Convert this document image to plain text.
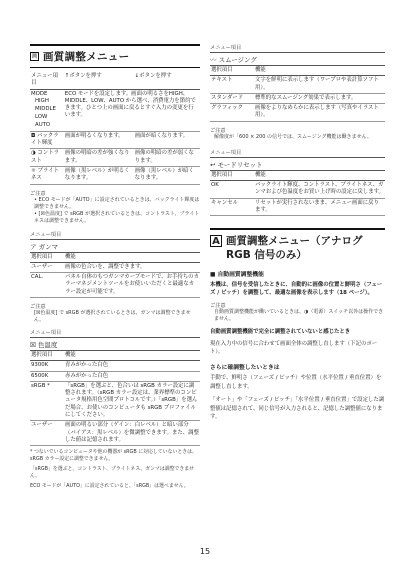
画 画質調整メニュー
メニュー項目	↑ボタンを押す	↓ボタンを押す

MODE
HIGH
MIDDLE
LOW
AUTO	ECO モードを設定します。画面の明るさをHIGH、MIDDLE、LOW、AUTO から選べ、消費電力を節約できます。ひとつ上の画面に戻るとすぐ入力の変更を行います。	
◘ バックライト輝度	画面が明るくなります。	画面が暗くなります。
◑ コントラスト	画像の明暗の差が強くなります。	画像の明暗の差が弱くなります。
☼ ブライトネス	画像（黒レベル）が明るくなります。	画像（黒レベル）が暗くなります。
ご注意
• ECO モードが「AUTO」に設定されているときは、バックライト輝度は調整できません。
• [☒色温度] で sRGB が選択されているときは、コントラスト、ブライトネスは調整できません。
メニュー項目
ア ガンマ
選択項目	機能
ユーザー	画像の色合いを、調整できます。
CAL.	パネル自体のもつガンマカーブモードで、お手持ちのカラーマネジメントツールをお使いいただくと最適なカラー設定が可能です。
ご注意
[☒色温度] で sRGB が選択されているときは、ガンマは調整できません。
メニュー項目
☒ 色温度
選択項目	機能
9300K	青みがかった白色
6500K	赤みがかった白色
sRGB *	「sRGB」を選ぶと、色合いは sRGB カラー設定に調整されます。（sRGB カラー設定は、業界標準のコンピュータ規格用色空間プロトコルです。）「sRGB」を選んだ場合、お使いのコンピュータも sRGB プロファイルにしてください。
ユーザー	画面の明るい部分（ゲイン：白レベル）と暗い部分（バイアス：黒レベル）を微調整できます。また、調整した値は記憶されます。
* つないでいるコンピュータや他の機器が sRGB に対応していないときは、sRGB カラー設定に調整できません。
「sRGB」を選ぶと、コントラスト、ブライトネス、ガンマは調整できません。
ECO モードが「AUTO」に設定されていると、「sRGB」は選べません。
メニュー項目
〰 スムージング
選択項目	機能
テキスト	文字を鮮明に表示します（ワープロや表計算ソフト用）。
スタンダード	標準的なスムージング効果で表示します。
グラフィック	画像をよりなめらかに表示します（写真やイラスト用）。
ご注意
解像度が「600 × 200 の信号では、スムージング機能は働きません。
メニュー項目
↩ モードリセット
選択項目	機能
OK	バックライト輝度、コントラスト、ブライトネス、ガンマおよび色温度をお買い上げ時の設定に戻します。
キャンセル	リセットが実行されないまま、メニュー画面に戻ります。
A 画質調整メニュー（アナログ RGB 信号のみ）
■ 自動画質調整機能
本機は、信号を受信したときに、自動的に画像の位置と鮮明さ（フェーズ / ピッチ）を調整して、最適な画像を表示します（18 ページ）。
ご注意
自動画質調整機能が働いているときは、◑（電源）スイッチ以外は操作できません。
自動画質調整機能で完全に調整されていないと感じたとき
現在入力中の信号に合わせて画面全体の調整し直します（下記のポート）。
さらに確調整したいときは
手動で、鮮明さ（フェーズ / ピッチ）や位置（水平位置 / 垂直位置）を調整し直します。
「オート」や「フェーズ / ピッチ」「水平位置 / 垂直位置」で設定した調整値は記憶されて、同じ信号が入力されると、記憶した調整値になります。
15
